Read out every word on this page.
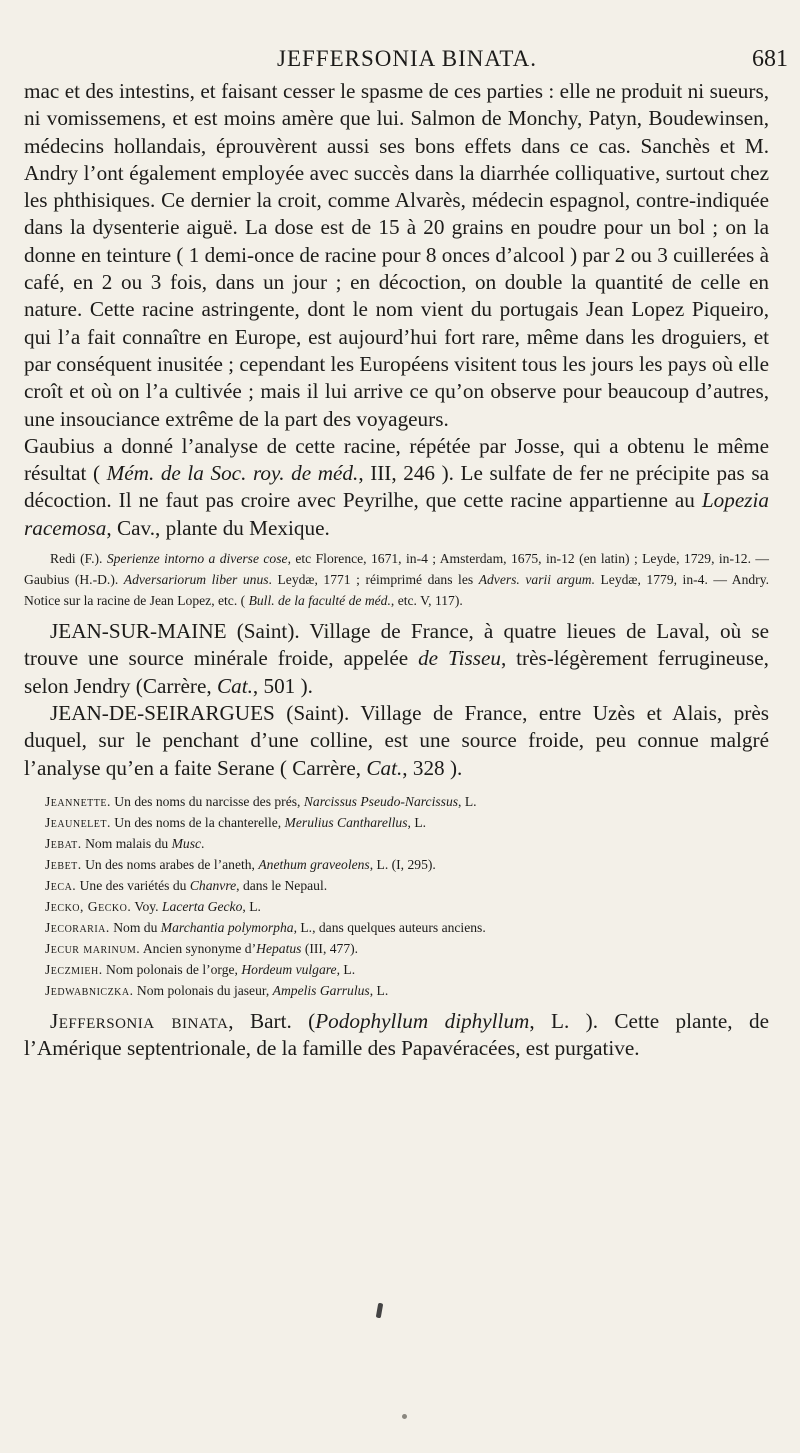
JEFFERSONIA BINATA.	681

mac et des intestins, et faisant cesser le spasme de ces parties : elle ne produit ni sueurs, ni vomissemens, et est moins amère que lui. Salmon de Monchy, Patyn, Boudewinsen, médecins hollandais, éprouvèrent aussi ses bons effets dans ce cas. Sanchès et M. Andry l’ont également employée avec succès dans la diarrhée colliquative, surtout chez les phthisiques. Ce dernier la croit, comme Alvarès, médecin espagnol, contre-indiquée dans la dysenterie aiguë. La dose est de 15 à 20 grains en poudre pour un bol ; on la donne en teinture ( 1 demi-once de racine pour 8 onces d’alcool ) par 2 ou 3 cuillerées à café, en 2 ou 3 fois, dans un jour ; en décoction, on double la quantité de celle en nature. Cette racine astringente, dont le nom vient du portugais Jean Lopez Piqueiro, qui l’a fait connaître en Europe, est aujourd’hui fort rare, même dans les droguiers, et par conséquent inusitée ; cependant les Européens visitent tous les jours les pays où elle croît et où on l’a cultivée ; mais il lui arrive ce qu’on observe pour beaucoup d’autres, une insouciance extrême de la part des voyageurs.

Gaubius a donné l’analyse de cette racine, répétée par Josse, qui a obtenu le même résultat ( Mém. de la Soc. roy. de méd., III, 246 ). Le sulfate de fer ne précipite pas sa décoction. Il ne faut pas croire avec Peyrilhe, que cette racine appartienne au Lopezia racemosa, Cav., plante du Mexique.

Redi (F.). Sperienze intorno a diverse cose, etc Florence, 1671, in-4 ; Amsterdam, 1675, in-12 (en latin) ; Leyde, 1729, in-12. — Gaubius (H.-D.). Adversariorum liber unus. Leydæ, 1771 ; réimprimé dans les Advers. varii argum. Leydæ, 1779, in-4. — Andry. Notice sur la racine de Jean Lopez, etc. ( Bull. de la faculté de méd., etc. V, 117).

JEAN-SUR-MAINE (Saint). Village de France, à quatre lieues de Laval, où se trouve une source minérale froide, appelée de Tisseu, très-légèrement ferrugineuse, selon Jendry (Carrère, Cat., 501 ).

JEAN-DE-SEIRARGUES (Saint). Village de France, entre Uzès et Alais, près duquel, sur le penchant d’une colline, est une source froide, peu connue malgré l’analyse qu’en a faite Serane ( Carrère, Cat., 328 ).

Jeannette. Un des noms du narcisse des prés, Narcissus Pseudo-Narcissus, L.

Jeaunelet. Un des noms de la chanterelle, Merulius Cantharellus, L.

Jebat. Nom malais du Musc.

Jebet. Un des noms arabes de l’aneth, Anethum graveolens, L. (I, 295).

Jeca. Une des variétés du Chanvre, dans le Nepaul.

Jecko, Gecko. Voy. Lacerta Gecko, L.

Jecoraria. Nom du Marchantia polymorpha, L., dans quelques auteurs anciens.

Jecur marinum. Ancien synonyme d’Hepatus (III, 477).

Jeczmieh. Nom polonais de l’orge, Hordeum vulgare, L.

Jedwabniczka. Nom polonais du jaseur, Ampelis Garrulus, L.

Jeffersonia binata, Bart. (Podophyllum diphyllum, L. ). Cette plante, de l’Amérique septentrionale, de la famille des Papavéracées, est purgative.
